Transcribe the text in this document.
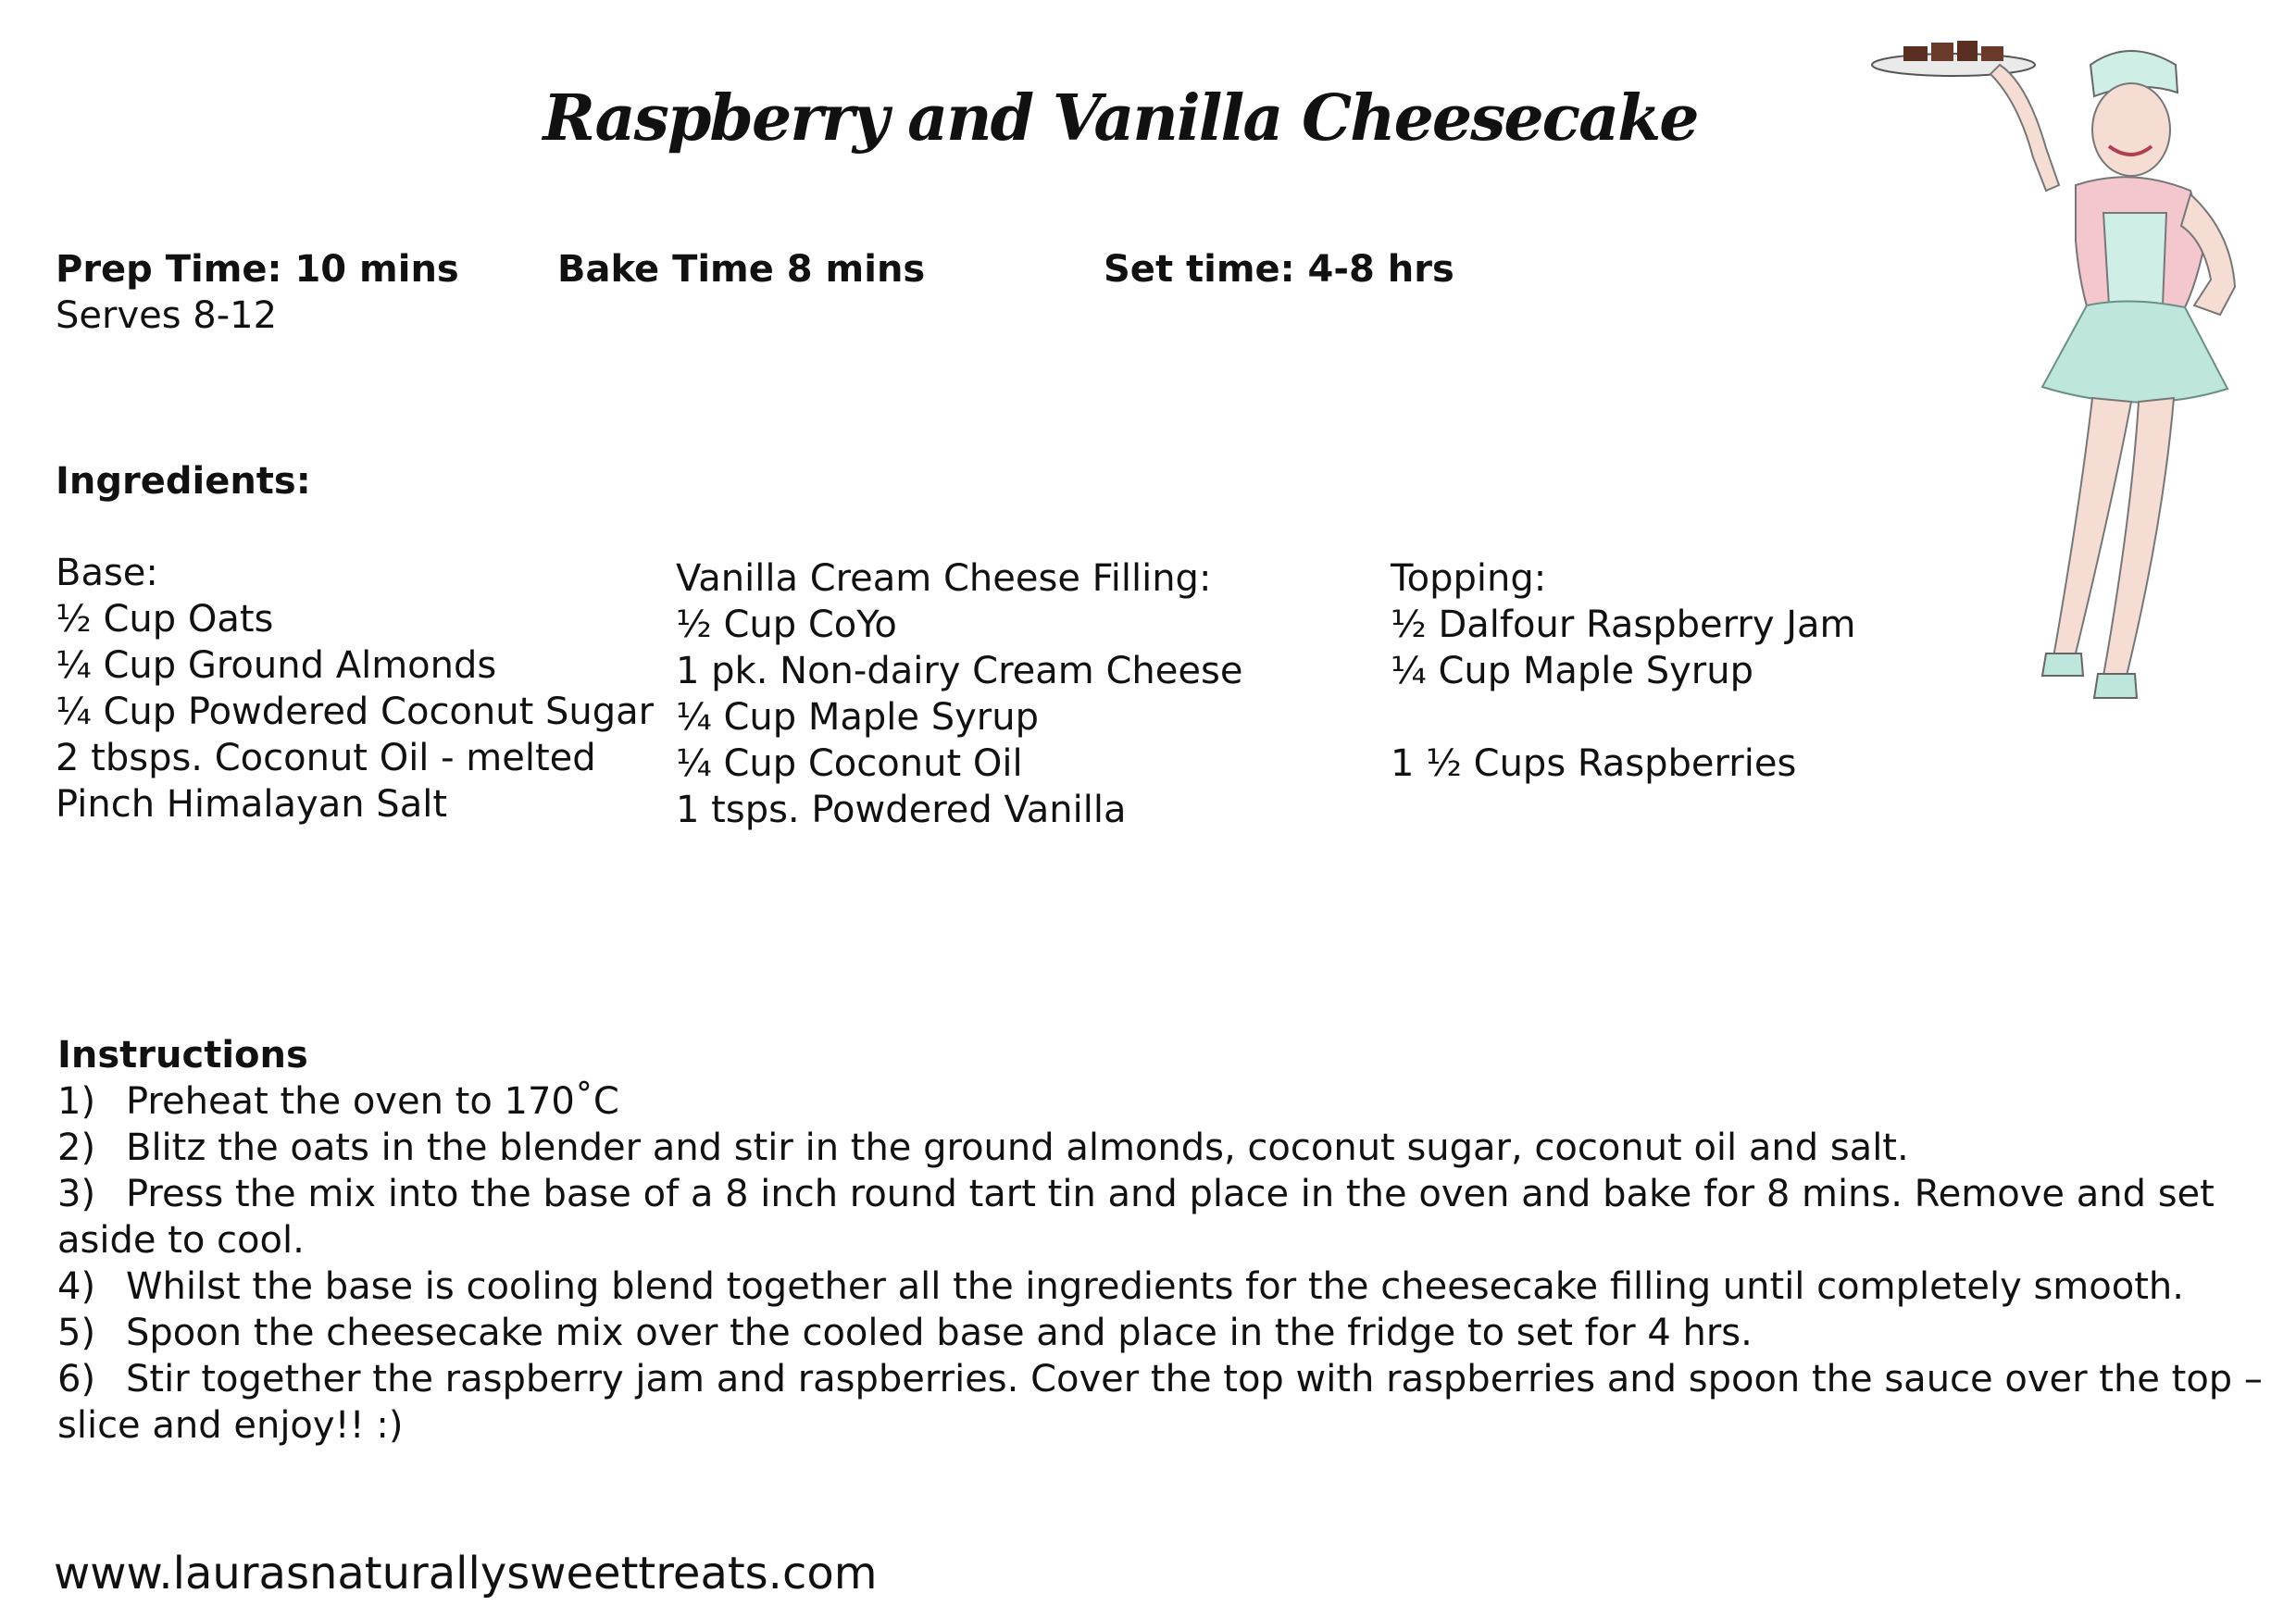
Raspberry and Vanilla Cheesecake
Prep Time: 10 mins	Bake Time 8 mins	Set time: 4-8 hrs
Serves 8-12
Ingredients:
Base:
½ Cup Oats
¼ Cup Ground Almonds
¼ Cup Powdered Coconut Sugar
2 tbsps. Coconut Oil - melted
Pinch Himalayan Salt
Vanilla Cream Cheese Filling:
½ Cup CoYo
1 pk. Non-dairy Cream Cheese
¼ Cup Maple Syrup
¼ Cup Coconut Oil
1 tsps. Powdered Vanilla
Topping:
½ Dalfour Raspberry Jam
¼ Cup Maple Syrup
1 ½ Cups Raspberries
Instructions
1) Preheat the oven to 170˚C
2) Blitz the oats in the blender and stir in the ground almonds, coconut sugar, coconut oil and salt.
3) Press the mix into the base of a 8 inch round tart tin and place in the oven and bake for 8 mins. Remove and set aside to cool.
4) Whilst the base is cooling blend together all the ingredients for the cheesecake filling until completely smooth.
5) Spoon the cheesecake mix over the cooled base and place in the fridge to set for 4 hrs.
6) Stir together the raspberry jam and raspberries. Cover the top with raspberries and spoon the sauce over the top – slice and enjoy!! :)
www.laurasnaturallysweettreats.com
